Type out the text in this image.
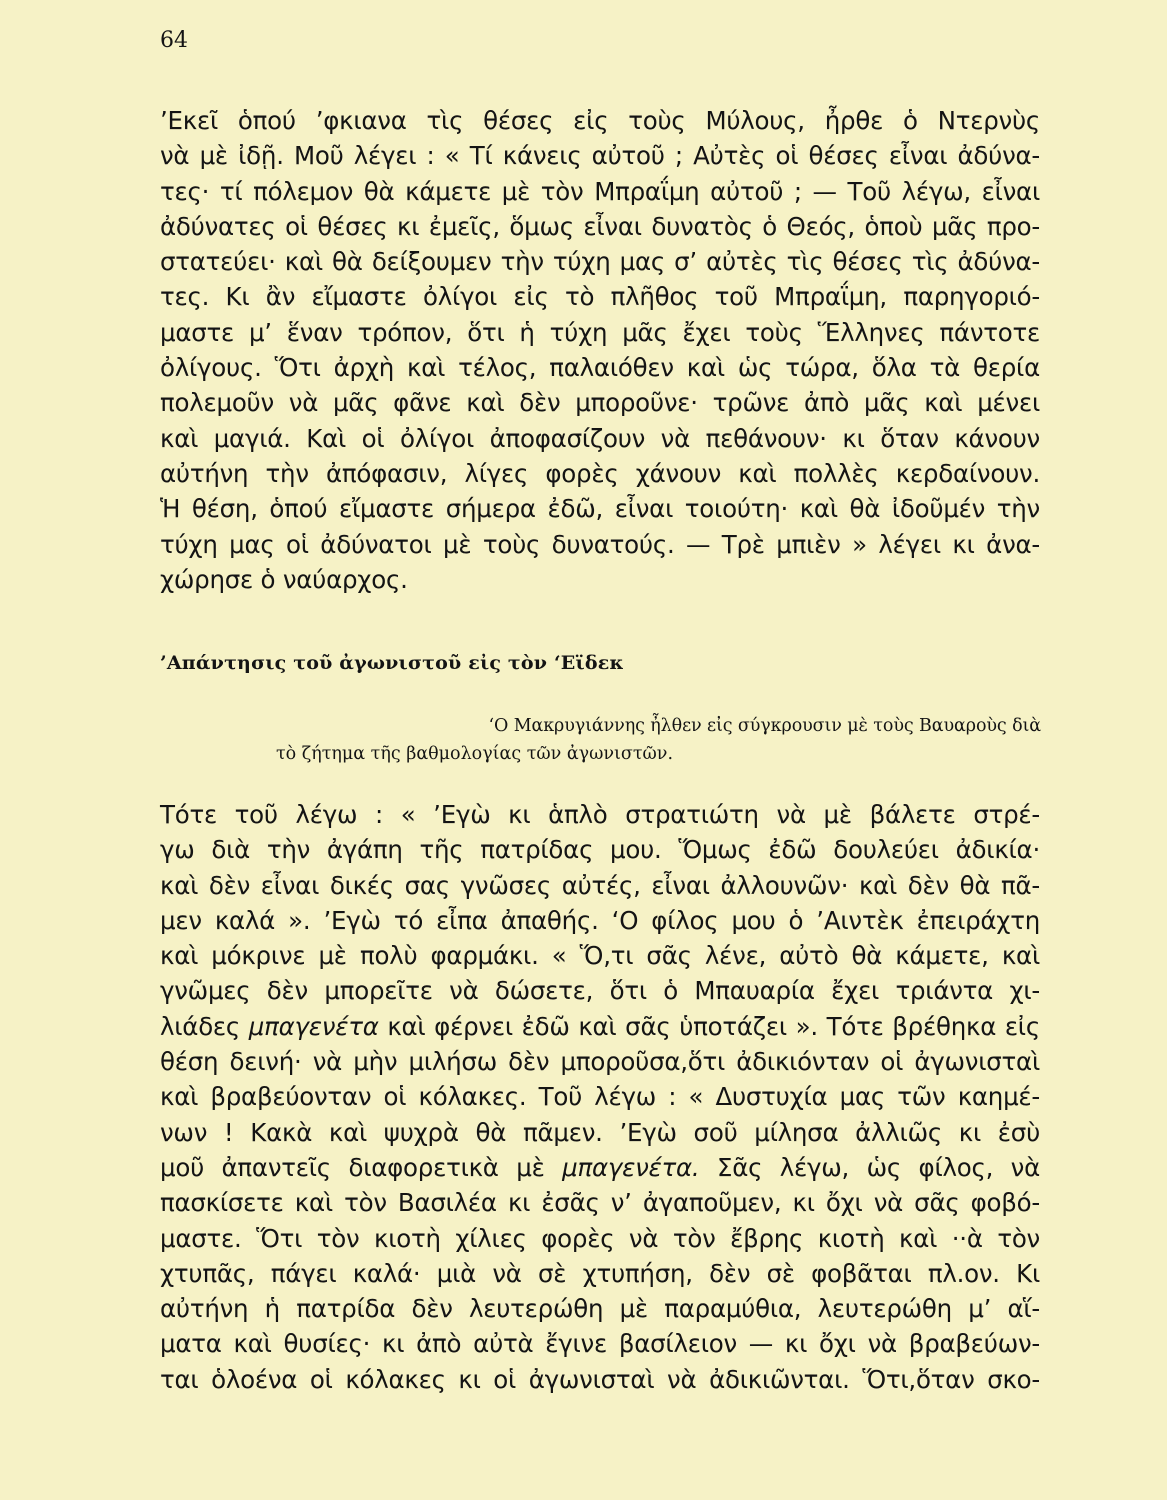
64
’Εκεῖ ὁπού ’φκιανα τὶς θέσες εἰς τοὺς Μύλους, ἦρθε ὁ Ντερνὺς
νὰ μὲ ἰδῇ. Μοῦ λέγει : « Τί κάνεις αὐτοῦ ; Αὐτὲς οἱ θέσες εἶναι ἀδύνα-
τες· τί πόλεμον θὰ κάμετε μὲ τὸν Μπραΐμη αὐτοῦ ; — Τοῦ λέγω, εἶναι
ἀδύνατες οἱ θέσες κι ἐμεῖς, ὅμως εἶναι δυνατὸς ὁ Θεός, ὁποὺ μᾶς προ-
στατεύει· καὶ θὰ δείξουμεν τὴν τύχη μας σ’ αὐτὲς τὶς θέσες τὶς ἀδύνα-
τες. Κι ἂν εἴμαστε ὀλίγοι εἰς τὸ πλῆθος τοῦ Μπραΐμη, παρηγοριό-
μαστε μ’ ἕναν τρόπον, ὅτι ἡ τύχη μᾶς ἔχει τοὺς Ἕλληνες πάντοτε
ὀλίγους. Ὅτι ἀρχὴ καὶ τέλος, παλαιόθεν καὶ ὡς τώρα, ὅλα τὰ θερία
πολεμοῦν νὰ μᾶς φᾶνε καὶ δὲν μποροῦνε· τρῶνε ἀπὸ μᾶς καὶ μένει
καὶ μαγιά. Καὶ οἱ ὀλίγοι ἀποφασίζουν νὰ πεθάνουν· κι ὅταν κάνουν
αὐτήνη τὴν ἀπόφασιν, λίγες φορὲς χάνουν καὶ πολλὲς κερδαίνουν.
Ἡ θέση, ὁπού εἴμαστε σήμερα ἐδῶ, εἶναι τοιούτη· καὶ θὰ ἰδοῦμέν τὴν
τύχη μας οἱ ἀδύνατοι μὲ τοὺς δυνατούς. — Τρὲ μπιὲν » λέγει κι ἀνα-
χώρησε ὁ ναύαρχος.
’Απάντησις τοῦ ἀγωνιστοῦ εἰς τὸν ‘Εϊδεκ
‘Ο Μακρυγιάννης ἦλθεν εἰς σύγκρουσιν μὲ τοὺς Βαυαροὺς διὰ
τὸ ζήτημα τῆς βαθμολογίας τῶν ἀγωνιστῶν.
Τότε τοῦ λέγω : « ’Εγὼ κι ἁπλὸ στρατιώτη νὰ μὲ βάλετε στρέ-
γω διὰ τὴν ἀγάπη τῆς πατρίδας μου. Ὅμως ἐδῶ δουλεύει ἀδικία·
καὶ δὲν εἶναι δικές σας γνῶσες αὐτές, εἶναι ἀλλουνῶν· καὶ δὲν θὰ πᾶ-
μεν καλά ». ’Εγὼ τό εἶπα ἀπαθής. ‘Ο φίλος μου ὁ ’Αιντὲκ ἐπειράχτη
καὶ μόκρινε μὲ πολὺ φαρμάκι. « Ὅ,τι σᾶς λένε, αὐτὸ θὰ κάμετε, καὶ
γνῶμες δὲν μπορεῖτε νὰ δώσετε, ὅτι ὁ Μπαυαρία ἔχει τριάντα χι-
λιάδες μπαγενέτα καὶ φέρνει ἐδῶ καὶ σᾶς ὑποτάζει ». Τότε βρέθηκα εἰς
θέση δεινή· νὰ μὴν μιλήσω δὲν μποροῦσα,ὅτι ἀδικιόνταν οἱ ἀγωνισταὶ
καὶ βραβεύονταν οἱ κόλακες. Τοῦ λέγω : « Δυστυχία μας τῶν καημέ-
νων ! Κακὰ καὶ ψυχρὰ θὰ πᾶμεν. ’Εγὼ σοῦ μίλησα ἀλλιῶς κι ἐσὺ
μοῦ ἀπαντεῖς διαφορετικὰ μὲ μπαγενέτα. Σᾶς λέγω, ὡς φίλος, νὰ
πασκίσετε καὶ τὸν Βασιλέα κι ἐσᾶς ν’ ἀγαποῦμεν, κι ὄχι νὰ σᾶς φοβό-
μαστε. Ὅτι τὸν κιοτὴ χίλιες φορὲς νὰ τὸν ἔβρης κιοτὴ καὶ ··ὰ τὸν
χτυπᾶς, πάγει καλά· μιὰ νὰ σὲ χτυπήση, δὲν σὲ φοβᾶται πλ.ον. Κι
αὐτήνη ἡ πατρίδα δὲν λευτερώθη μὲ παραμύθια, λευτερώθη μ’ αἵ-
ματα καὶ θυσίες· κι ἀπὸ αὐτὰ ἔγινε βασίλειον — κι ὄχι νὰ βραβεύων-
ται ὁλοένα οἱ κόλακες κι οἱ ἀγωνισταὶ νὰ ἀδικιῶνται. Ὅτι,ὅταν σκο-
